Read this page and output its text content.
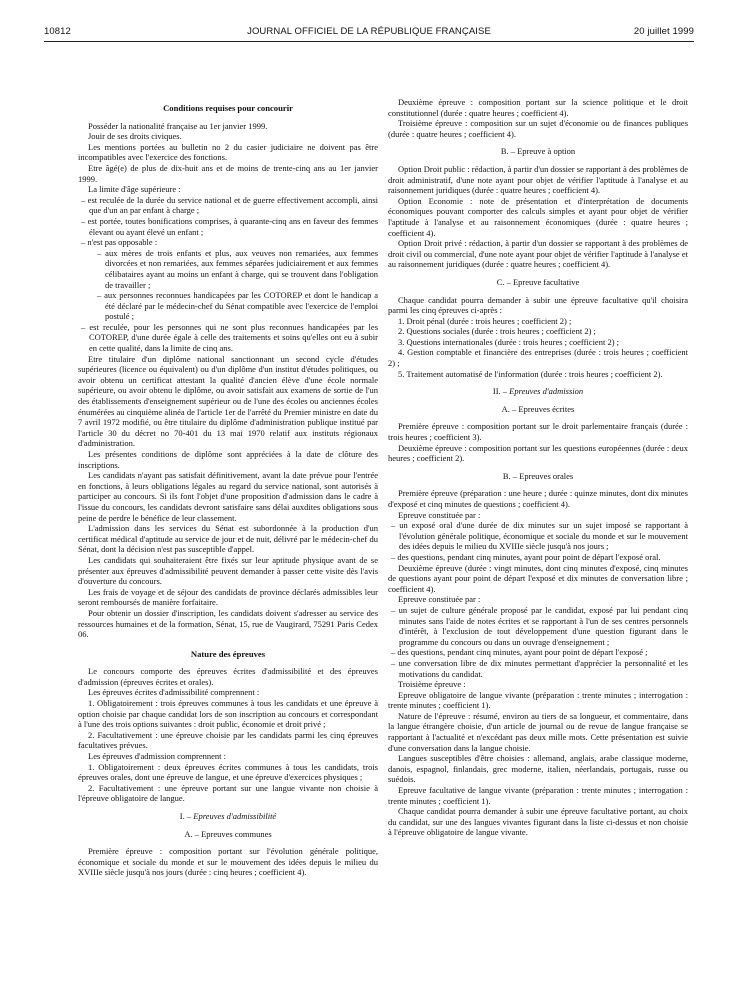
10812	JOURNAL OFFICIEL DE LA RÉPUBLIQUE FRANÇAISE	20 juillet 1999
Conditions requises pour concourir

Posséder la nationalité française au 1er janvier 1999.

Jouir de ses droits civiques.

Les mentions portées au bulletin no 2 du casier judiciaire ne doivent pas être incompatibles avec l'exercice des fonctions.

Etre âgé(e) de plus de dix-huit ans et de moins de trente-cinq ans au 1er janvier 1999.

La limite d'âge supérieure :

– est reculée de la durée du service national et de guerre effectivement accompli, ainsi que d'un an par enfant à charge ;
– est portée, toutes bonifications comprises, à quarante-cinq ans en faveur des femmes élevant ou ayant élevé un enfant ;
– n'est pas opposable :
– aux mères de trois enfants et plus, aux veuves non remariées, aux femmes divorcées et non remariées, aux femmes séparées judiciairement et aux femmes célibataires ayant au moins un enfant à charge, qui se trouvent dans l'obligation de travailler ;
– aux personnes reconnues handicapées par les COTOREP et dont le handicap a été déclaré par le médecin-chef du Sénat compatible avec l'exercice de l'emploi postulé ;
– est reculée, pour les personnes qui ne sont plus reconnues handicapées par les COTOREP, d'une durée égale à celle des traitements et soins qu'elles ont eu à subir en cette qualité, dans la limite de cinq ans.

Etre titulaire d'un diplôme national sanctionnant un second cycle d'études supérieures (licence ou équivalent) ou d'un diplôme d'un institut d'études politiques, ou avoir obtenu un certificat attestant la qualité d'ancien élève d'une école normale supérieure, ou avoir obtenu le diplôme, ou avoir satisfait aux examens de sortie de l'un des établissements d'enseignement supérieur ou de l'une des écoles ou anciennes écoles énumérées au cinquième alinéa de l'article 1er de l'arrêté du Premier ministre en date du 7 avril 1972 modifié, ou être titulaire du diplôme d'administration publique institué par l'article 30 du décret no 70-401 du 13 mai 1970 relatif aux instituts régionaux d'administration.

Les présentes conditions de diplôme sont appréciées à la date de clôture des inscriptions.

Les candidats n'ayant pas satisfait définitivement, avant la date prévue pour l'entrée en fonctions, à leurs obligations légales au regard du service national, sont autorisés à participer au concours. Si ils font l'objet d'une proposition d'admission dans le cadre à l'issue du concours, les candidats devront satisfaire sans délai auxdites obligations sous peine de perdre le bénéfice de leur classement.

L'admission dans les services du Sénat est subordonnée à la production d'un certificat médical d'aptitude au service de jour et de nuit, délivré par le médecin-chef du Sénat, dont la décision n'est pas susceptible d'appel.

Les candidats qui souhaiteraient être fixés sur leur aptitude physique avant de se présenter aux épreuves d'admissibilité peuvent demander à passer cette visite dès l'avis d'ouverture du concours.

Les frais de voyage et de séjour des candidats de province déclarés admissibles leur seront remboursés de manière forfaitaire.

Pour obtenir un dossier d'inscription, les candidats doivent s'adresser au service des ressources humaines et de la formation, Sénat, 15, rue de Vaugirard, 75291 Paris Cedex 06.

Nature des épreuves

Le concours comporte des épreuves écrites d'admissibilité et des épreuves d'admission (épreuves écrites et orales).

Les épreuves écrites d'admissibilité comprennent :

1. Obligatoirement : trois épreuves communes à tous les candidats et une épreuve à option choisie par chaque candidat lors de son inscription au concours et correspondant à l'une des trois options suivantes : droit public, économie et droit privé ;

2. Facultativement : une épreuve choisie par les candidats parmi les cinq épreuves facultatives prévues.

Les épreuves d'admission comprennent :

1. Obligatoirement : deux épreuves écrites communes à tous les candidats, trois épreuves orales, dont une épreuve de langue, et une épreuve d'exercices physiques ;

2. Facultativement : une épreuve portant sur une langue vivante non choisie à l'épreuve obligatoire de langue.

I. – Epreuves d'admissibilité
A. – Epreuves communes

Première épreuve : composition portant sur l'évolution générale politique, économique et sociale du monde et sur le mouvement des idées depuis le milieu du XVIIIe siècle jusqu'à nos jours (durée : cinq heures ; coefficient 4).

Deuxième épreuve : composition portant sur la science politique et le droit constitutionnel (durée : quatre heures ; coefficient 4).

Troisième épreuve : composition sur un sujet d'économie ou de finances publiques (durée : quatre heures ; coefficient 4).

B. – Epreuve à option

Option Droit public : rédaction, à partir d'un dossier se rapportant à des problèmes de droit administratif, d'une note ayant pour objet de vérifier l'aptitude à l'analyse et au raisonnement juridiques (durée : quatre heures ; coefficient 4).

Option Economie : note de présentation et d'interprétation de documents économiques pouvant comporter des calculs simples et ayant pour objet de vérifier l'aptitude à l'analyse et au raisonnement économiques (durée : quatre heures ; coefficient 4).

Option Droit privé : rédaction, à partir d'un dossier se rapportant à des problèmes de droit civil ou commercial, d'une note ayant pour objet de vérifier l'aptitude à l'analyse et au raisonnement juridiques (durée : quatre heures ; coefficient 4).

C. – Epreuve facultative

Chaque candidat pourra demander à subir une épreuve facultative qu'il choisira parmi les cinq épreuves ci-après :

1. Droit pénal (durée : trois heures ; coefficient 2) ;

2. Questions sociales (durée : trois heures ; coefficient 2) ;

3. Questions internationales (durée : trois heures ; coefficient 2) ;

4. Gestion comptable et financière des entreprises (durée : trois heures ; coefficient 2) ;

5. Traitement automatisé de l'information (durée : trois heures ; coefficient 2).

II. – Epreuves d'admission
A. – Epreuves écrites

Première épreuve : composition portant sur le droit parlementaire français (durée : trois heures ; coefficient 3).

Deuxième épreuve : composition portant sur les questions européennes (durée : deux heures ; coefficient 2).

B. – Epreuves orales

Première épreuve (préparation : une heure ; durée : quinze minutes, dont dix minutes d'exposé et cinq minutes de questions ; coefficient 4).

Epreuve constituée par :

– un exposé oral d'une durée de dix minutes sur un sujet imposé se rapportant à l'évolution générale politique, économique et sociale du monde et sur le mouvement des idées depuis le milieu du XVIIIe siècle jusqu'à nos jours ;
– des questions, pendant cinq minutes, ayant pour point de départ l'exposé oral.

Deuxième épreuve (durée : vingt minutes, dont cinq minutes d'exposé, cinq minutes de questions ayant pour point de départ l'exposé et dix minutes de conversation libre ; coefficient 4).

Epreuve constituée par :

– un sujet de culture générale proposé par le candidat, exposé par lui pendant cinq minutes sans l'aide de notes écrites et se rapportant à l'un de ses centres personnels d'intérêt, à l'exclusion de tout développement d'une question figurant dans le programme du concours ou dans un ouvrage d'enseignement ;
– des questions, pendant cinq minutes, ayant pour point de départ l'exposé ;
– une conversation libre de dix minutes permettant d'apprécier la personnalité et les motivations du candidat.

Troisième épreuve :

Epreuve obligatoire de langue vivante (préparation : trente minutes ; interrogation : trente minutes ; coefficient 1).

Nature de l'épreuve : résumé, environ au tiers de sa longueur, et commentaire, dans la langue étrangère choisie, d'un article de journal ou de revue de langue française se rapportant à l'actualité et n'excédant pas deux mille mots. Cette présentation est suivie d'une conversation dans la langue choisie.

Langues susceptibles d'être choisies : allemand, anglais, arabe classique moderne, danois, espagnol, finlandais, grec moderne, italien, néerlandais, portugais, russe ou suédois.

Epreuve facultative de langue vivante (préparation : trente minutes ; interrogation : trente minutes ; coefficient 1).

Chaque candidat pourra demander à subir une épreuve facultative portant, au choix du candidat, sur une des langues vivantes figurant dans la liste ci-dessus et non choisie à l'épreuve obligatoire de langue vivante.
